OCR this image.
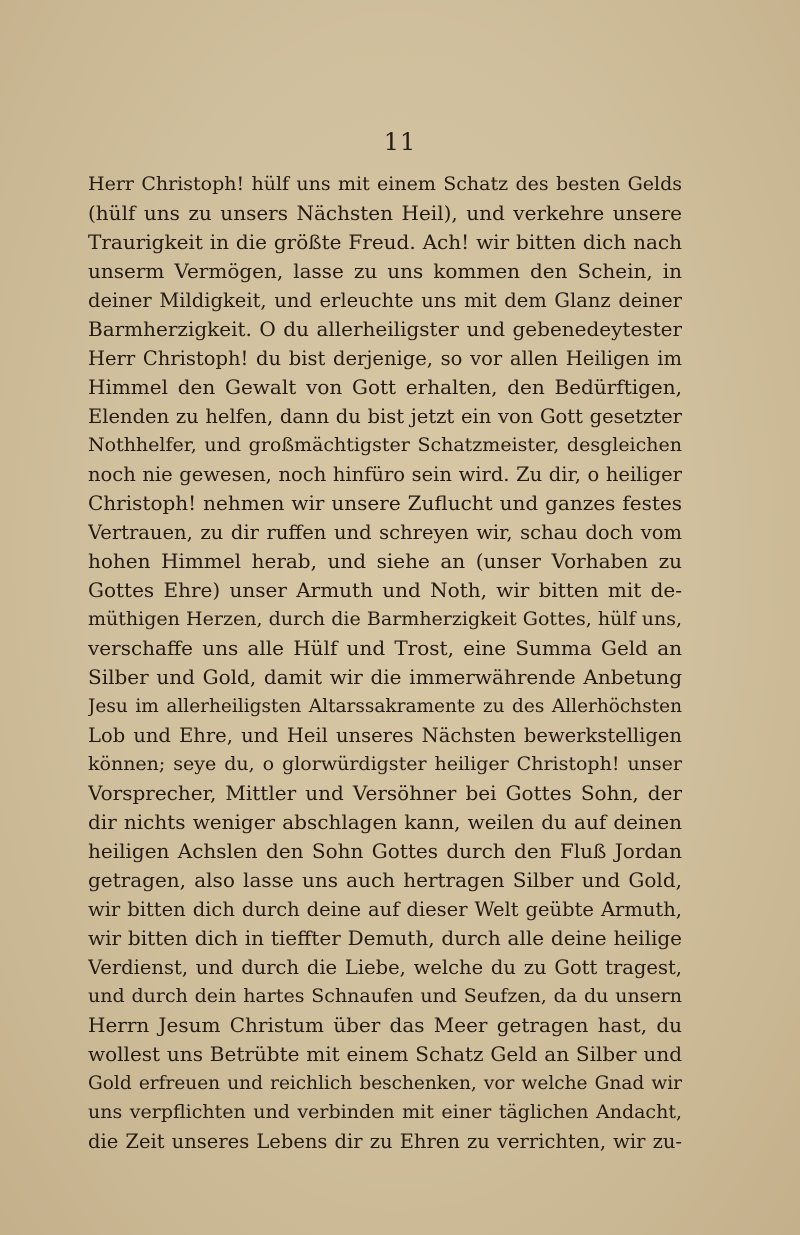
11
Herr Christoph! hülf uns mit einem Schatz des besten Gelds
(hülf uns zu unsers Nächsten Heil), und verkehre unsere
Traurigkeit in die größte Freud. Ach! wir bitten dich nach
unserm Vermögen, lasse zu uns kommen den Schein, in
deiner Mildigkeit, und erleuchte uns mit dem Glanz deiner
Barmherzigkeit. O du allerheiligster und gebenedeytester
Herr Christoph! du bist derjenige, so vor allen Heiligen im
Himmel den Gewalt von Gott erhalten, den Bedürftigen,
Elenden zu helfen, dann du bist jetzt ein von Gott gesetzter
Nothhelfer, und großmächtigster Schatzmeister, desgleichen
noch nie gewesen, noch hinfüro sein wird. Zu dir, o heiliger
Christoph! nehmen wir unsere Zuflucht und ganzes festes
Vertrauen, zu dir ruffen und schreyen wir, schau doch vom
hohen Himmel herab, und siehe an (unser Vorhaben zu
Gottes Ehre) unser Armuth und Noth, wir bitten mit de-
müthigen Herzen, durch die Barmherzigkeit Gottes, hülf uns,
verschaffe uns alle Hülf und Trost, eine Summa Geld an
Silber und Gold, damit wir die immerwährende Anbetung
Jesu im allerheiligsten Altarssakramente zu des Allerhöchsten
Lob und Ehre, und Heil unseres Nächsten bewerkstelligen
können; seye du, o glorwürdigster heiliger Christoph! unser
Vorsprecher, Mittler und Versöhner bei Gottes Sohn, der
dir nichts weniger abschlagen kann, weilen du auf deinen
heiligen Achslen den Sohn Gottes durch den Fluß Jordan
getragen, also lasse uns auch hertragen Silber und Gold,
wir bitten dich durch deine auf dieser Welt geübte Armuth,
wir bitten dich in tieffter Demuth, durch alle deine heilige
Verdienst, und durch die Liebe, welche du zu Gott tragest,
und durch dein hartes Schnaufen und Seufzen, da du unsern
Herrn Jesum Christum über das Meer getragen hast, du
wollest uns Betrübte mit einem Schatz Geld an Silber und
Gold erfreuen und reichlich beschenken, vor welche Gnad wir
uns verpflichten und verbinden mit einer täglichen Andacht,
die Zeit unseres Lebens dir zu Ehren zu verrichten, wir zu-
